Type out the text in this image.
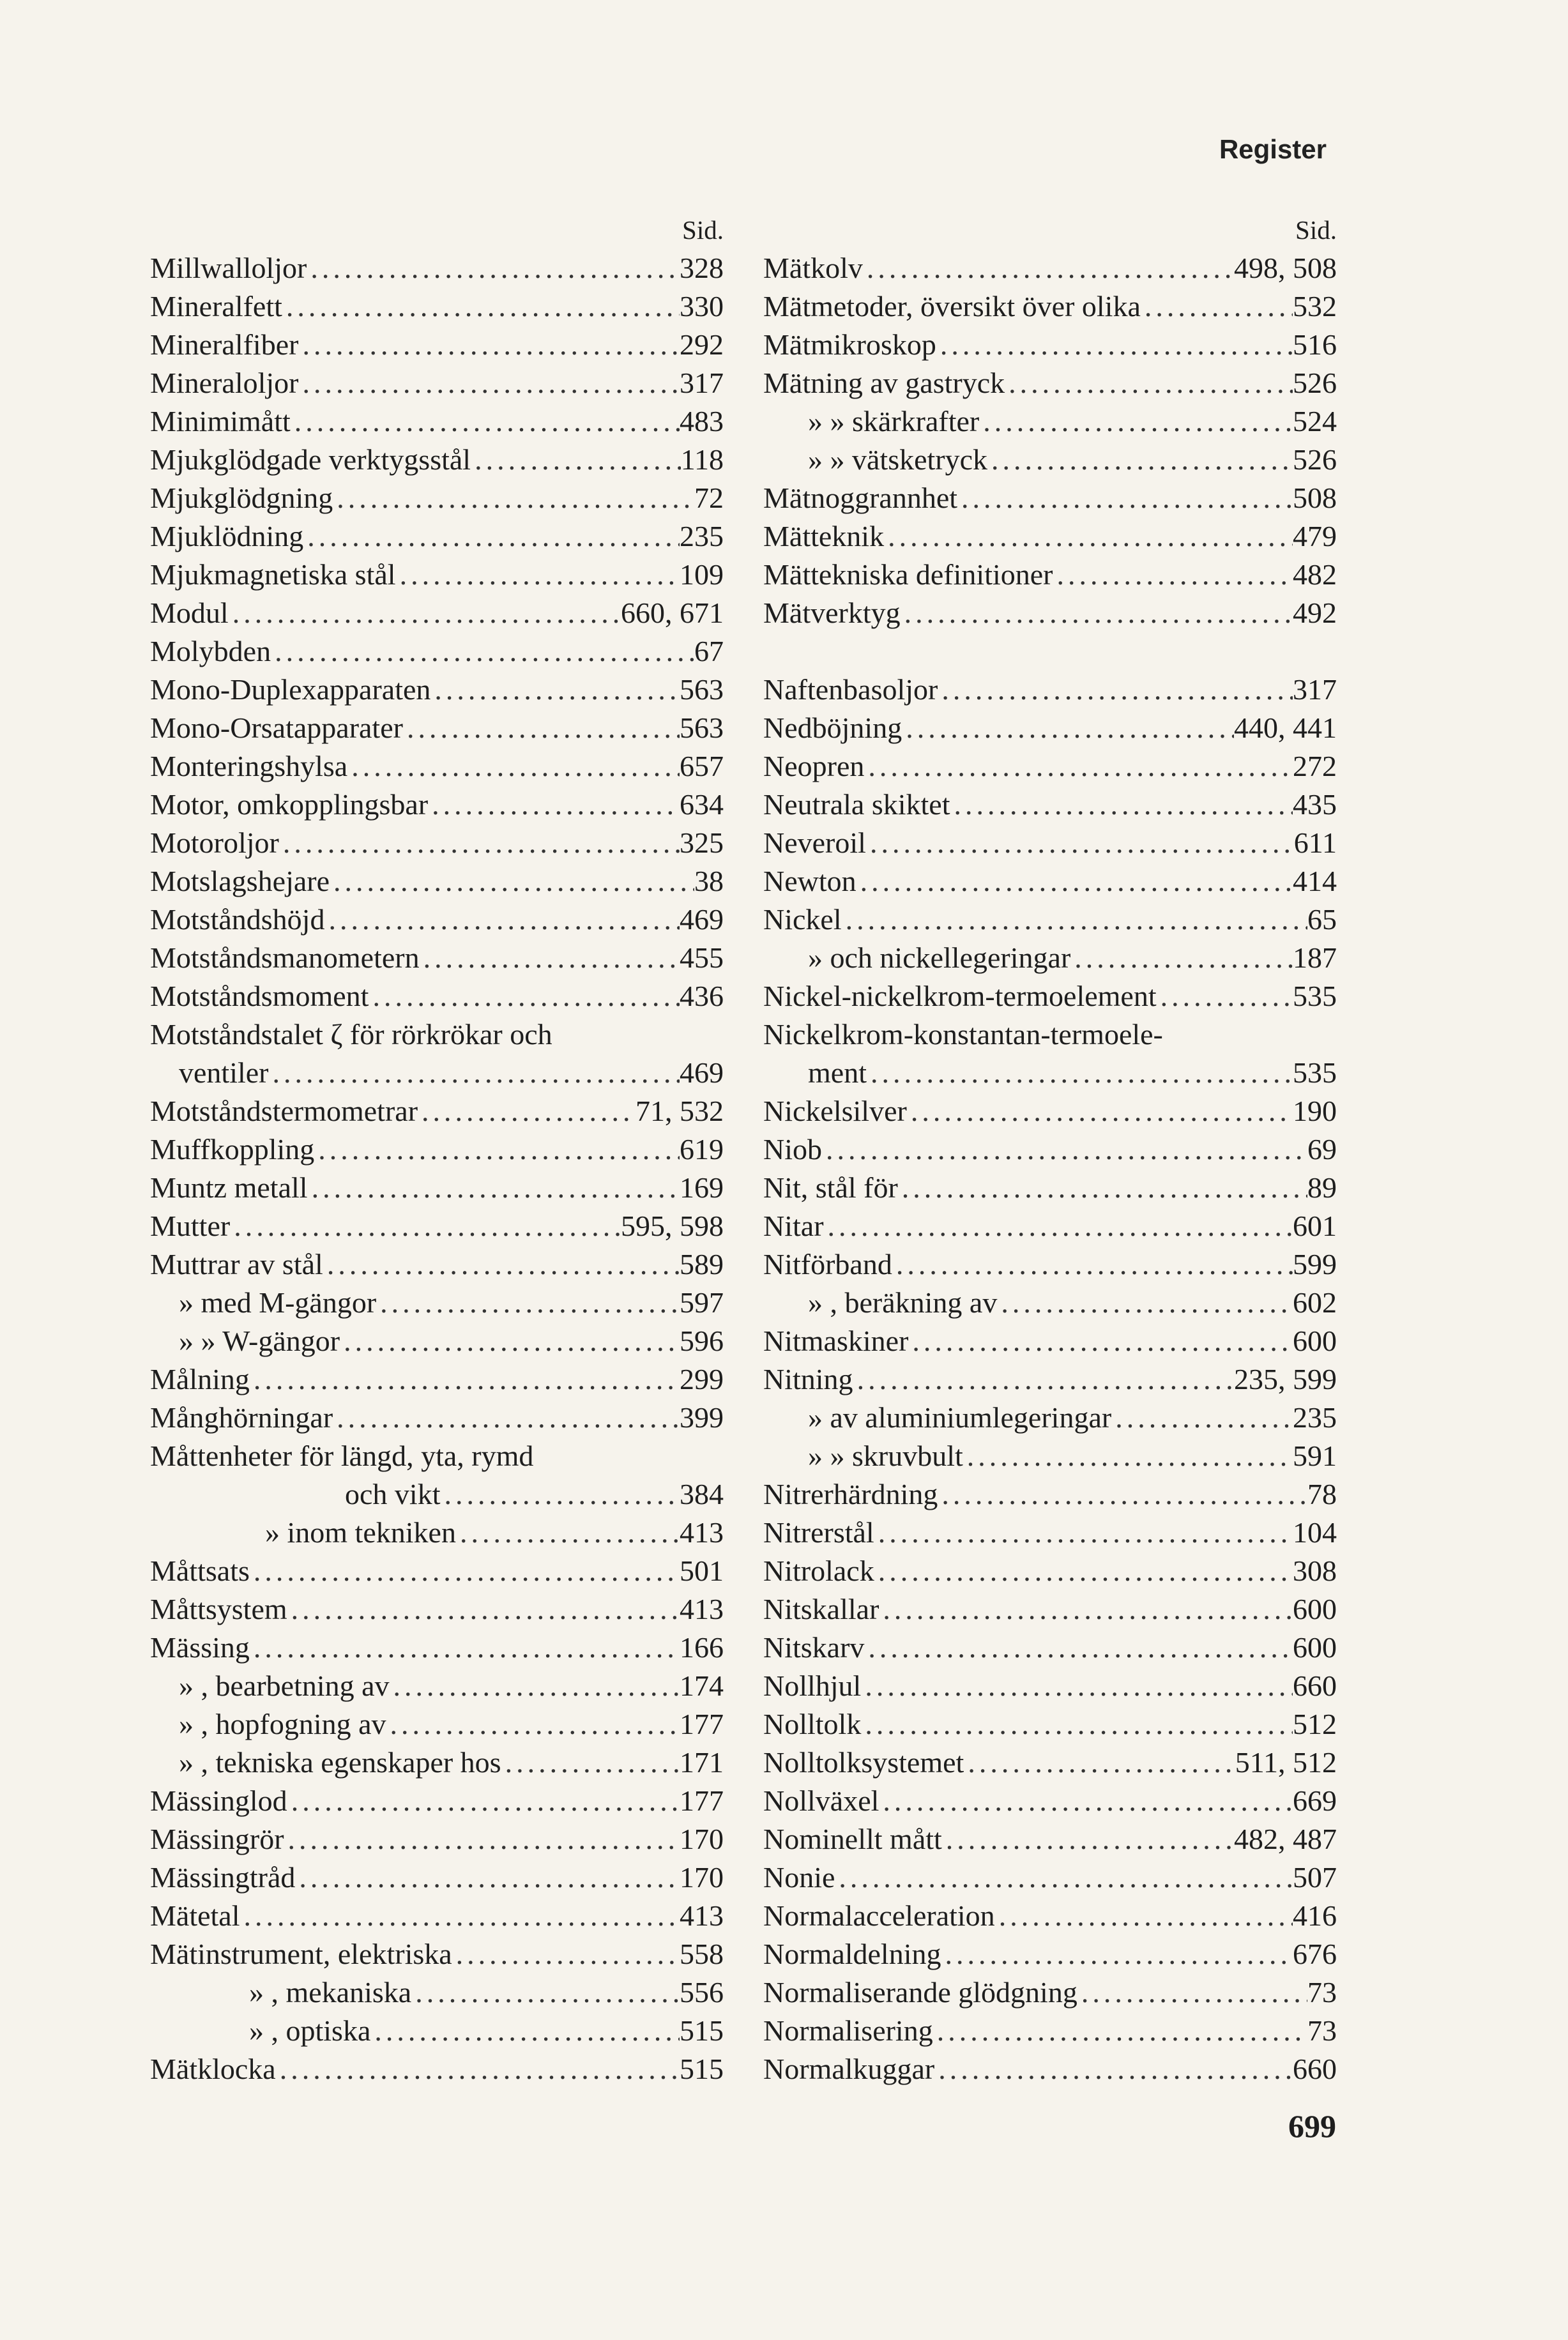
Register
Sid.
Millwalloljor .....	328
Mineralfett .....	330
Mineralfiber .....	292
Mineraloljor .....	317
Minimimått .....	483
Mjukglödgade verktygsstål .....	118
Mjukglödgning .....	72
Mjuklödning .....	235
Mjukmagnetiska stål .....	109
Modul .....	660, 671
Molybden .....	67
Mono-Duplexapparaten .....	563
Mono-Orsatapparater .....	563
Monteringshylsa .....	657
Motor, omkopplingsbar .....	634
Motoroljor .....	325
Motslagshejare .....	38
Motståndshöjd .....	469
Motståndsmanometern .....	455
Motståndsmoment .....	436
Motståndstalet ζ för rörkrökar och
ventiler .....	469
Motståndstermometrar .....	71, 532
Muffkoppling .....	619
Muntz metall .....	169
Mutter .....	595, 598
Muttrar av stål .....	589
» med M-gängor .....	597
» » W-gängor .....	596
Målning .....	299
Månghörningar .....	399
Måttenheter för längd, yta, rymd
och vikt .....	384
» inom tekniken .....	413
Måttsats .....	501
Måttsystem .....	413
Mässing .....	166
» , bearbetning av .....	174
» , hopfogning av .....	177
» , tekniska egenskaper hos .....	171
Mässinglod .....	177
Mässingrör .....	170
Mässingtråd .....	170
Mätetal .....	413
Mätinstrument, elektriska .....	558
» , mekaniska .....	556
» , optiska .....	515
Mätklocka .....	515
Sid.
Mätkolv .....	498, 508
Mätmetoder, översikt över olika .....	532
Mätmikroskop .....	516
Mätning av gastryck .....	526
» » skärkrafter .....	524
» » vätsketryck .....	526
Mätnoggrannhet .....	508
Mätteknik .....	479
Mättekniska definitioner .....	482
Mätverktyg .....	492
Naftenbasoljor .....	317
Nedböjning .....	440, 441
Neopren .....	272
Neutrala skiktet .....	435
Neveroil .....	611
Newton .....	414
Nickel .....	65
» och nickellegeringar .....	187
Nickel-nickelkrom-termoelement .....	535
Nickelkrom-konstantan-termoele-
ment .....	535
Nickelsilver .....	190
Niob .....	69
Nit, stål för .....	89
Nitar .....	601
Nitförband .....	599
» , beräkning av .....	602
Nitmaskiner .....	600
Nitning .....	235, 599
» av aluminiumlegeringar .....	235
» » skruvbult .....	591
Nitrerhärdning .....	78
Nitrerstål .....	104
Nitrolack .....	308
Nitskallar .....	600
Nitskarv .....	600
Nollhjul .....	660
Nolltolk .....	512
Nolltolksystemet .....	511, 512
Nollväxel .....	669
Nominellt mått .....	482, 487
Nonie .....	507
Normalacceleration .....	416
Normaldelning .....	676
Normaliserande glödgning .....	73
Normalisering .....	73
Normalkuggar .....	660
699
